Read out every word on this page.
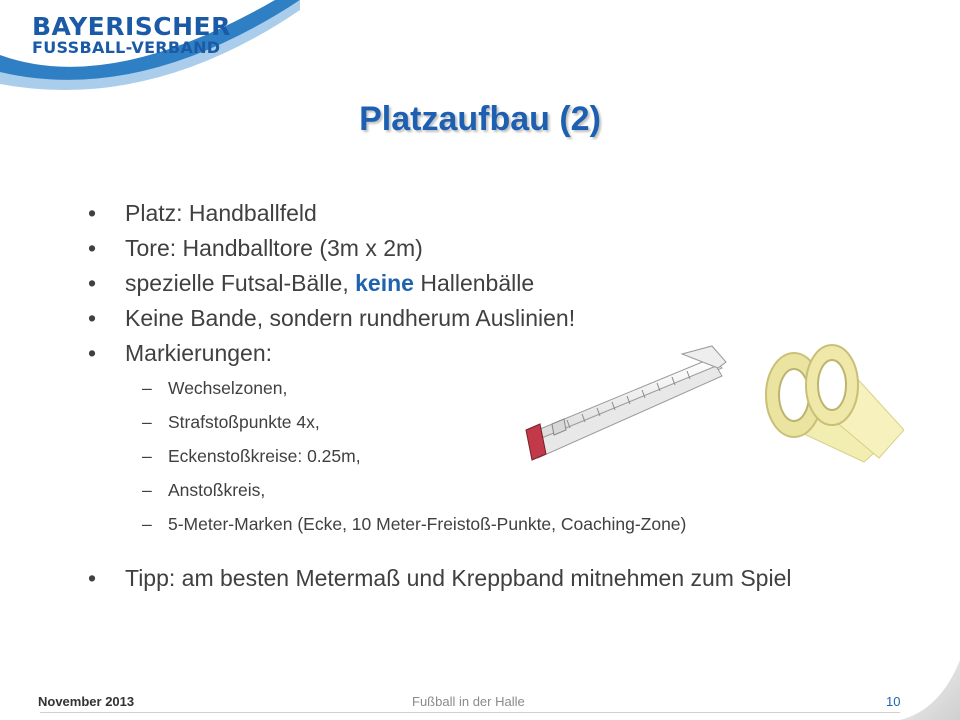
BAYERISCHER
FUSSBALL-VERBAND
Platzaufbau (2)
• Platz: Handballfeld
• Tore: Handballtore (3m x 2m)
• spezielle Futsal-Bälle, keine Hallenbälle
• Keine Bande, sondern rundherum Auslinien!
• Markierungen:
– Wechselzonen,
– Strafstoßpunkte 4x,
– Eckenstoßkreise: 0.25m,
– Anstoßkreis,
– 5-Meter-Marken (Ecke, 10 Meter-Freistoß-Punkte, Coaching-Zone)
• Tipp: am besten Metermaß und Kreppband mitnehmen zum Spiel
November 2013	Fußball in der Halle	10
